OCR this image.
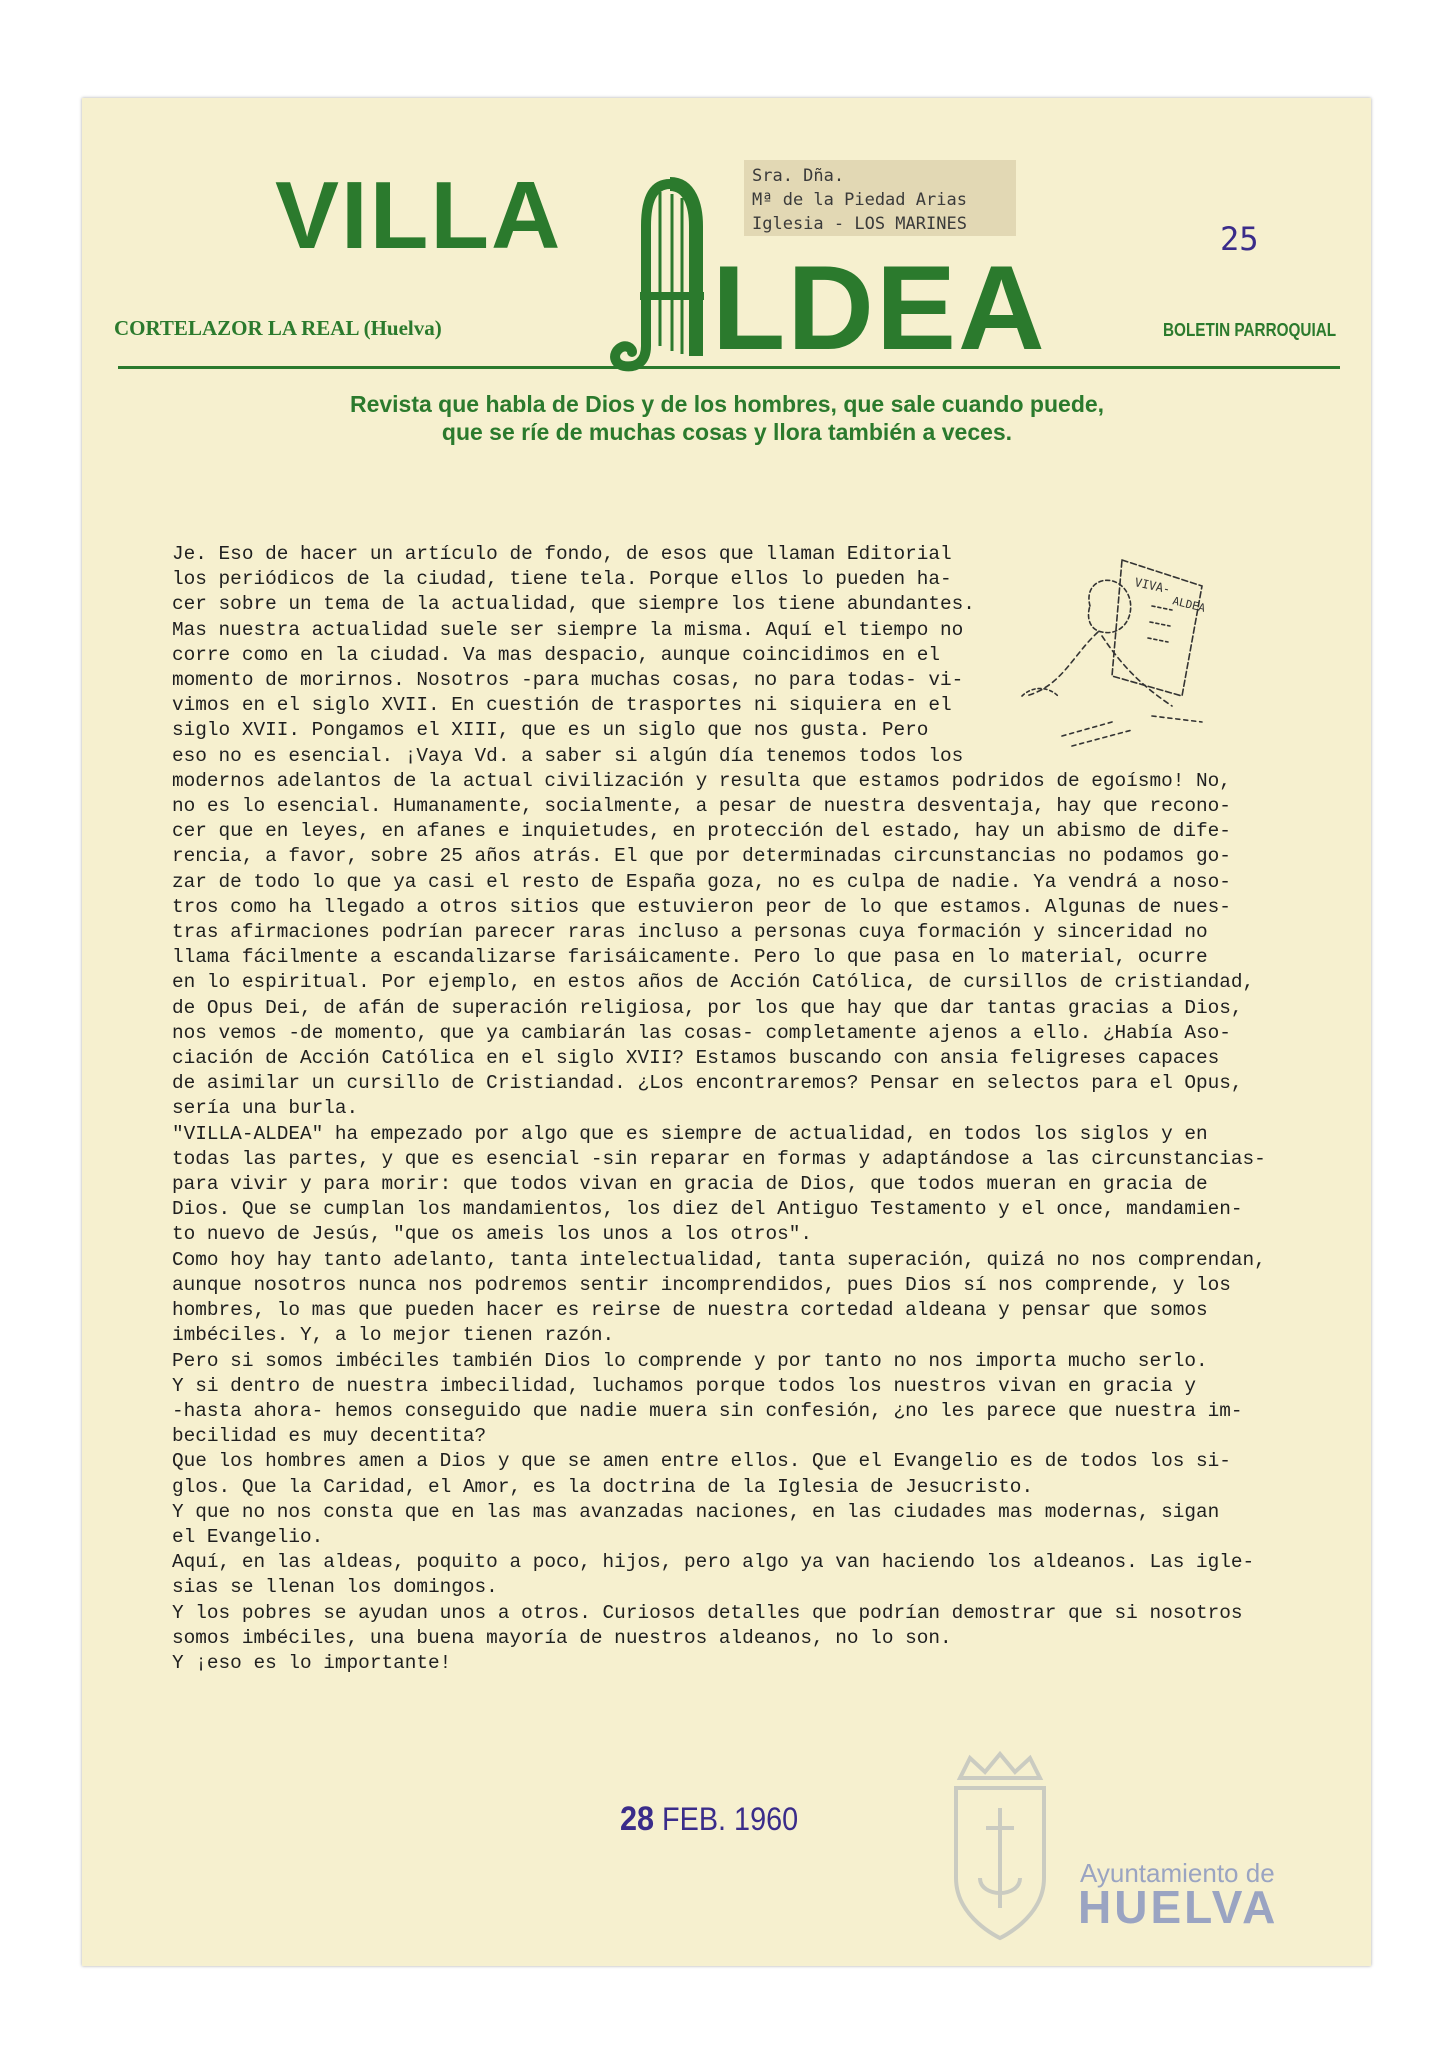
VILLA
LDEA
CORTELAZOR LA REAL (Huelva)	BOLETIN PARROQUIAL
25
Sra. Dña.
Mª de la Piedad Arias
Iglesia - LOS MARINES
Revista que habla de Dios y de los hombres, que sale cuando puede,
que se ríe de muchas cosas y llora también a veces.
VIVA-
ALDEA
Je. Eso de hacer un artículo de fondo, de esos que llaman Editorial
los periódicos de la ciudad, tiene tela. Porque ellos lo pueden ha-
cer sobre un tema de la actualidad, que siempre los tiene abundantes.
Mas nuestra actualidad suele ser siempre la misma. Aquí el tiempo no
corre como en la ciudad. Va mas despacio, aunque coincidimos en el
momento de morirnos. Nosotros -para muchas cosas, no para todas- vi-
vimos en el siglo XVII. En cuestión de trasportes ni siquiera en el
siglo XVII. Pongamos el XIII, que es un siglo que nos gusta. Pero
eso no es esencial. ¡Vaya Vd. a saber si algún día tenemos todos los
modernos adelantos de la actual civilización y resulta que estamos podridos de egoísmo! No,
no es lo esencial. Humanamente, socialmente, a pesar de nuestra desventaja, hay que recono-
cer que en leyes, en afanes e inquietudes, en protección del estado, hay un abismo de dife-
rencia, a favor, sobre 25 años atrás. El que por determinadas circunstancias no podamos go-
zar de todo lo que ya casi el resto de España goza, no es culpa de nadie. Ya vendrá a noso-
tros como ha llegado a otros sitios que estuvieron peor de lo que estamos. Algunas de nues-
tras afirmaciones podrían parecer raras incluso a personas cuya formación y sinceridad no
llama fácilmente a escandalizarse farisáicamente. Pero lo que pasa en lo material, ocurre
en lo espiritual. Por ejemplo, en estos años de Acción Católica, de cursillos de cristiandad,
de Opus Dei, de afán de superación religiosa, por los que hay que dar tantas gracias a Dios,
nos vemos -de momento, que ya cambiarán las cosas- completamente ajenos a ello. ¿Había Aso-
ciación de Acción Católica en el siglo XVII? Estamos buscando con ansia feligreses capaces
de asimilar un cursillo de Cristiandad. ¿Los encontraremos? Pensar en selectos para el Opus,
sería una burla.
"VILLA-ALDEA" ha empezado por algo que es siempre de actualidad, en todos los siglos y en
todas las partes, y que es esencial -sin reparar en formas y adaptándose a las circunstancias-
para vivir y para morir: que todos vivan en gracia de Dios, que todos mueran en gracia de
Dios. Que se cumplan los mandamientos, los diez del Antiguo Testamento y el once, mandamien-
to nuevo de Jesús, "que os ameis los unos a los otros".
Como hoy hay tanto adelanto, tanta intelectualidad, tanta superación, quizá no nos comprendan,
aunque nosotros nunca nos podremos sentir incomprendidos, pues Dios sí nos comprende, y los
hombres, lo mas que pueden hacer es reirse de nuestra cortedad aldeana y pensar que somos
imbéciles. Y, a lo mejor tienen razón.
Pero si somos imbéciles también Dios lo comprende y por tanto no nos importa mucho serlo.
Y si dentro de nuestra imbecilidad, luchamos porque todos los nuestros vivan en gracia y
-hasta ahora- hemos conseguido que nadie muera sin confesión, ¿no les parece que nuestra im-
becilidad es muy decentita?
Que los hombres amen a Dios y que se amen entre ellos. Que el Evangelio es de todos los si-
glos. Que la Caridad, el Amor, es la doctrina de la Iglesia de Jesucristo.
Y que no nos consta que en las mas avanzadas naciones, en las ciudades mas modernas, sigan
el Evangelio.
Aquí, en las aldeas, poquito a poco, hijos, pero algo ya van haciendo los aldeanos. Las igle-
sias se llenan los domingos.
Y los pobres se ayudan unos a otros. Curiosos detalles que podrían demostrar que si nosotros
somos imbéciles, una buena mayoría de nuestros aldeanos, no lo son.
Y ¡eso es lo importante!
28 FEB. 1960
Ayuntamiento de
HUELVA
